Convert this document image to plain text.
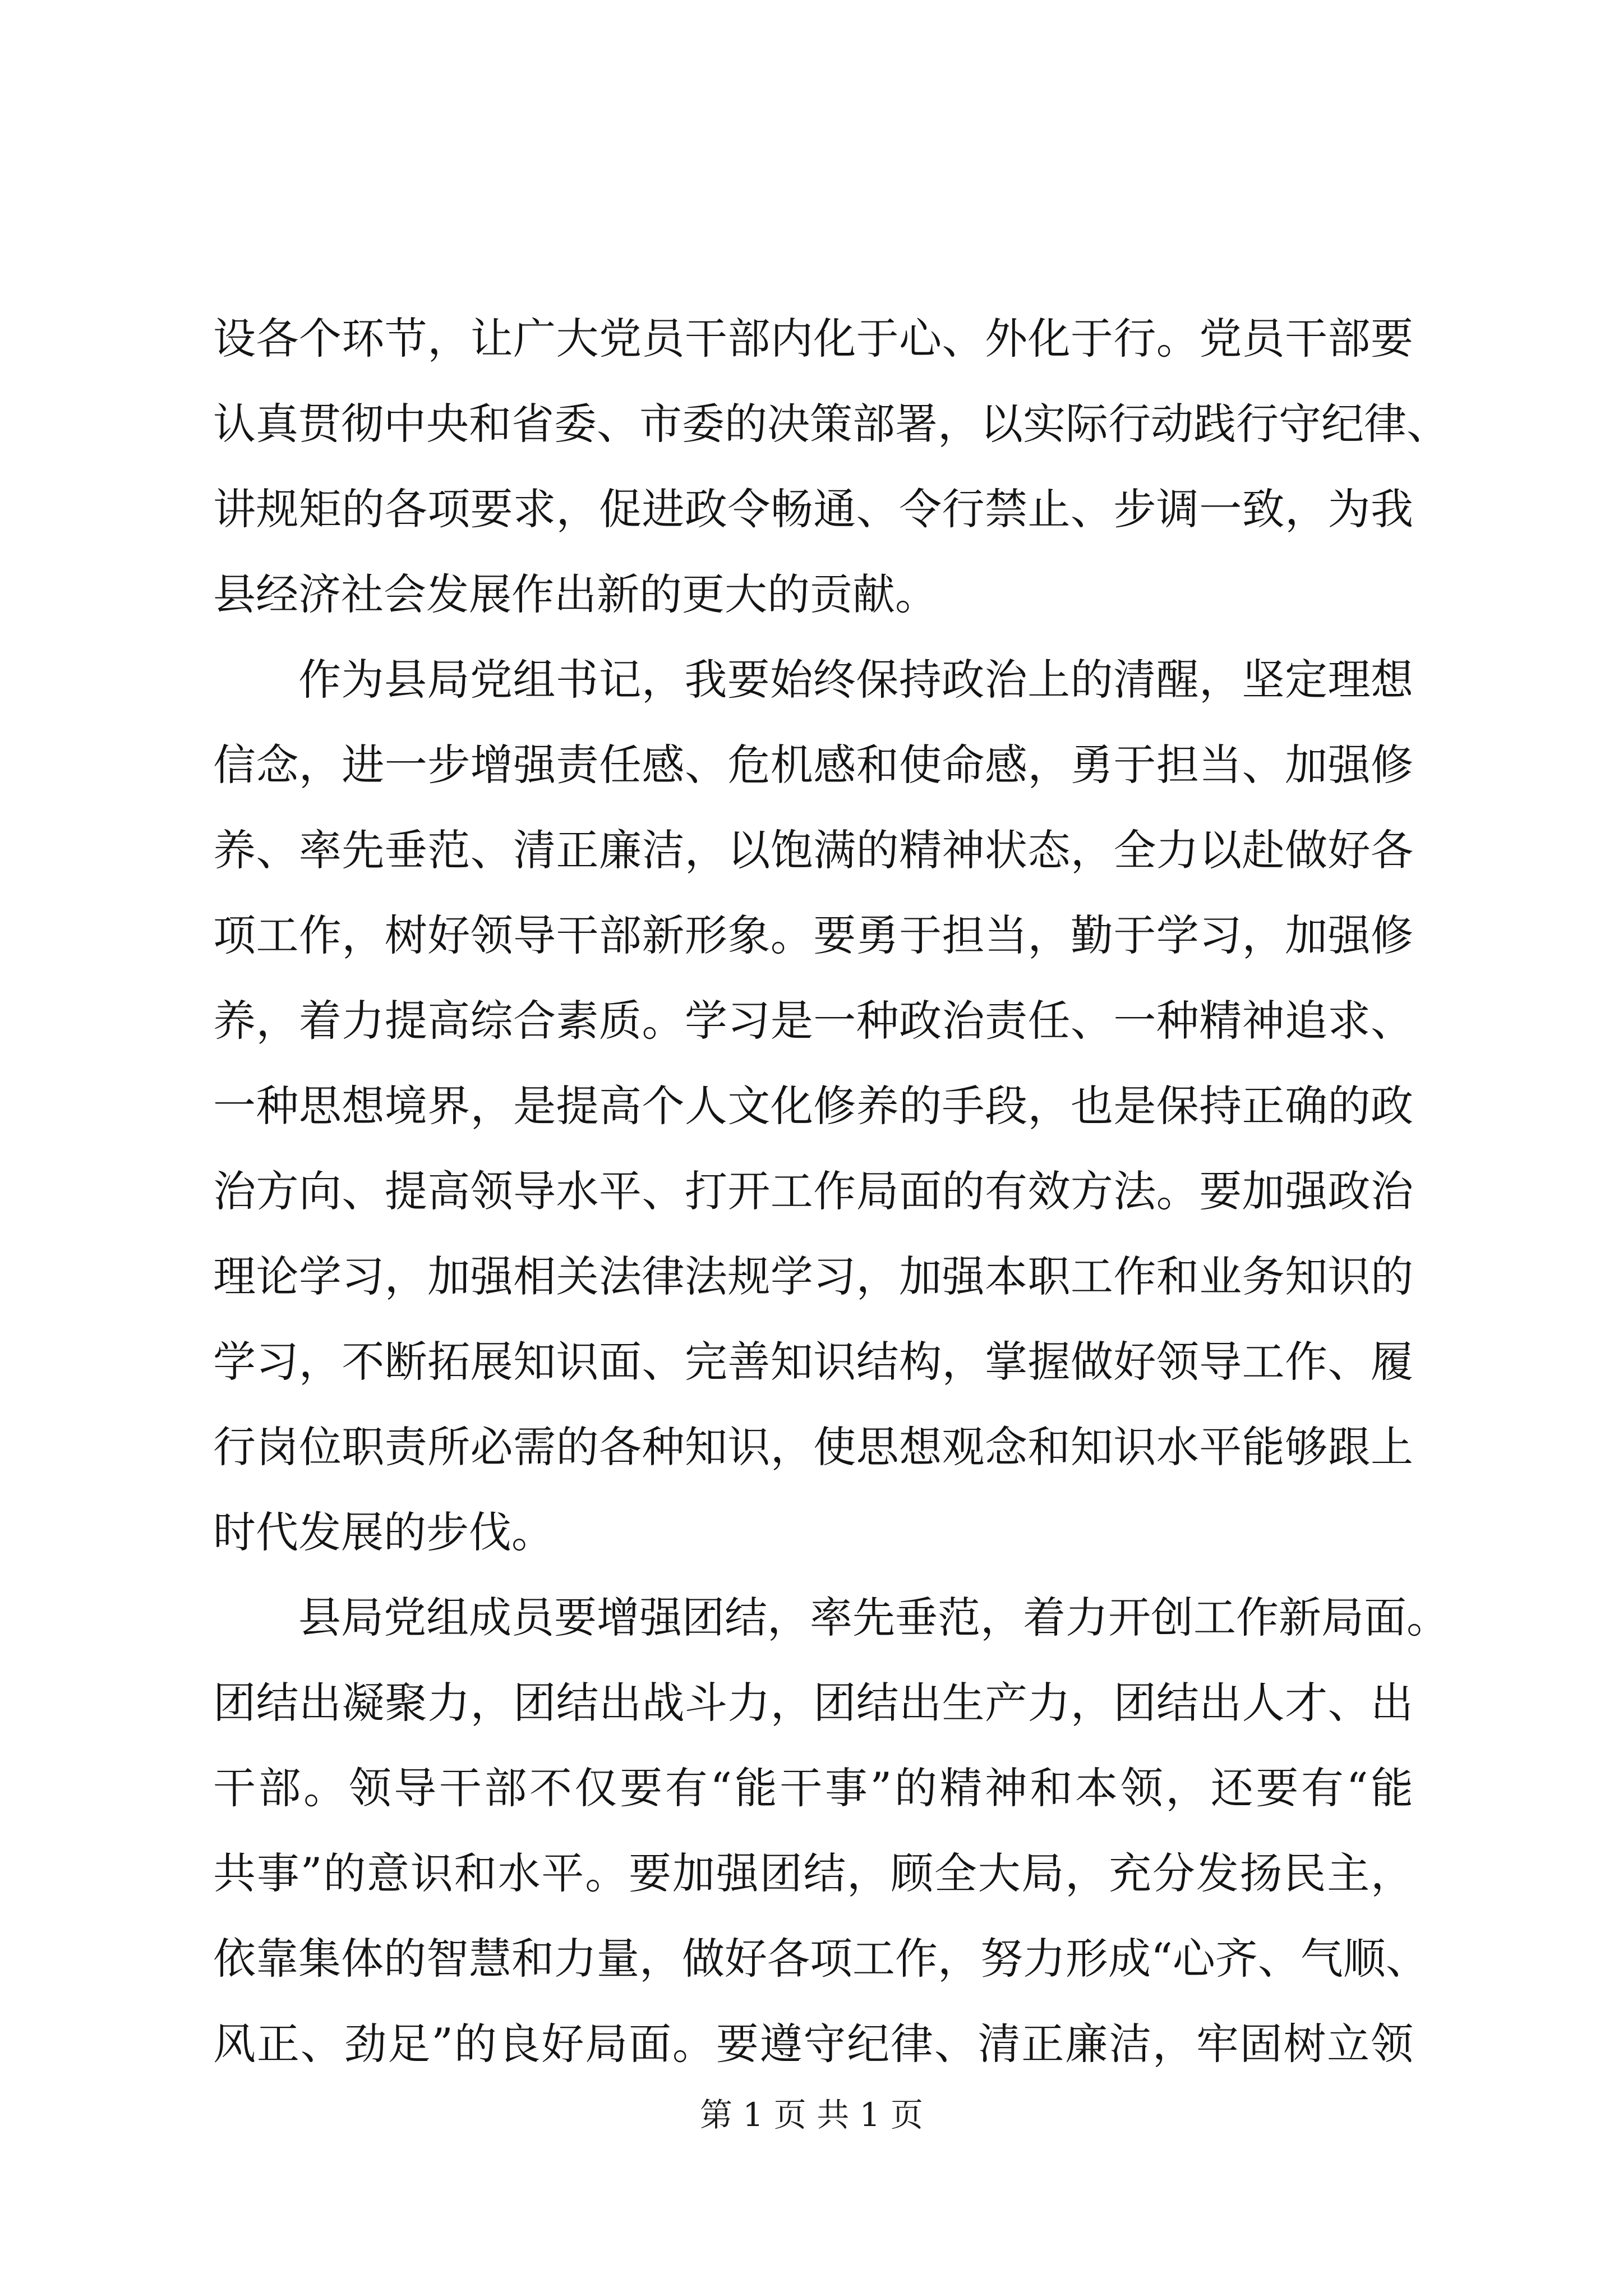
设各个环节，让广大党员干部内化于心、外化于行。党员干部要
认真贯彻中央和省委、市委的决策部署，以实际行动践行守纪律、
讲规矩的各项要求，促进政令畅通、令行禁止、步调一致，为我
县经济社会发展作出新的更大的贡献。
作为县局党组书记，我要始终保持政治上的清醒，坚定理想
信念，进一步增强责任感、危机感和使命感，勇于担当、加强修
养、率先垂范、清正廉洁，以饱满的精神状态，全力以赴做好各
项工作，树好领导干部新形象。要勇于担当，勤于学习，加强修
养，着力提高综合素质。学习是一种政治责任、一种精神追求、
一种思想境界，是提高个人文化修养的手段，也是保持正确的政
治方向、提高领导水平、打开工作局面的有效方法。要加强政治
理论学习，加强相关法律法规学习，加强本职工作和业务知识的
学习，不断拓展知识面、完善知识结构，掌握做好领导工作、履
行岗位职责所必需的各种知识，使思想观念和知识水平能够跟上
时代发展的步伐。
县局党组成员要增强团结，率先垂范，着力开创工作新局面。
团结出凝聚力，团结出战斗力，团结出生产力，团结出人才、出
干部。领导干部不仅要有“能干事”的精神和本领，还要有“能
共事”的意识和水平。要加强团结，顾全大局，充分发扬民主，
依靠集体的智慧和力量，做好各项工作，努力形成“心齐、气顺、
风正、劲足”的良好局面。要遵守纪律、清正廉洁，牢固树立领
第 1 页 共 1 页
